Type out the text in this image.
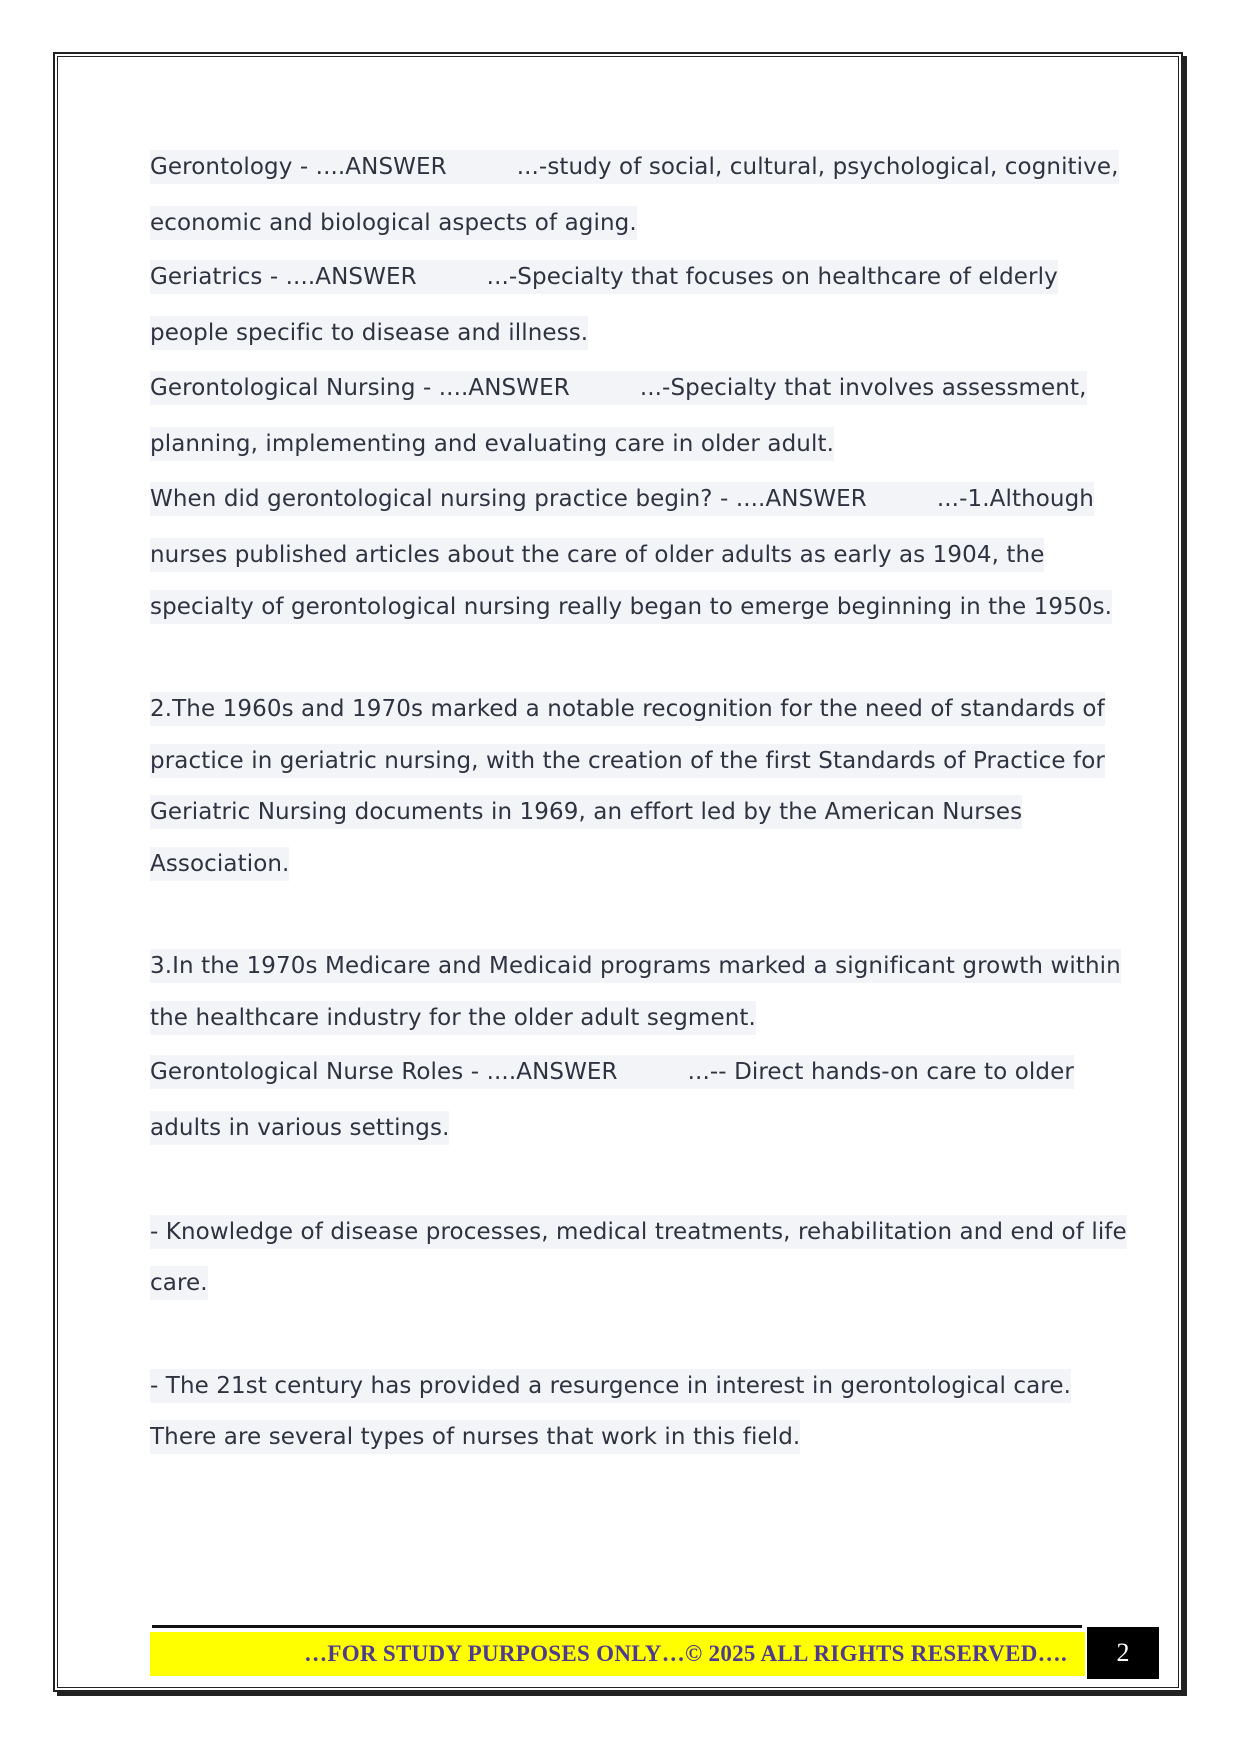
Gerontology - ....ANSWER	...-study of social, cultural, psychological, cognitive,
economic and biological aspects of aging.
Geriatrics - ....ANSWER	...-Specialty that focuses on healthcare of elderly
people specific to disease and illness.
Gerontological Nursing - ....ANSWER	...-Specialty that involves assessment,
planning, implementing and evaluating care in older adult.
When did gerontological nursing practice begin? - ....ANSWER	...-1.Although
nurses published articles about the care of older adults as early as 1904, the
specialty of gerontological nursing really began to emerge beginning in the 1950s.
2.The 1960s and 1970s marked a notable recognition for the need of standards of
practice in geriatric nursing, with the creation of the first Standards of Practice for
Geriatric Nursing documents in 1969, an effort led by the American Nurses
Association.
3.In the 1970s Medicare and Medicaid programs marked a significant growth within
the healthcare industry for the older adult segment.
Gerontological Nurse Roles - ....ANSWER	...-- Direct hands-on care to older
adults in various settings.
- Knowledge of disease processes, medical treatments, rehabilitation and end of life
care.
- The 21st century has provided a resurgence in interest in gerontological care.
There are several types of nurses that work in this field.
…FOR STUDY PURPOSES ONLY…© 2025 ALL RIGHTS RESERVED….	2
